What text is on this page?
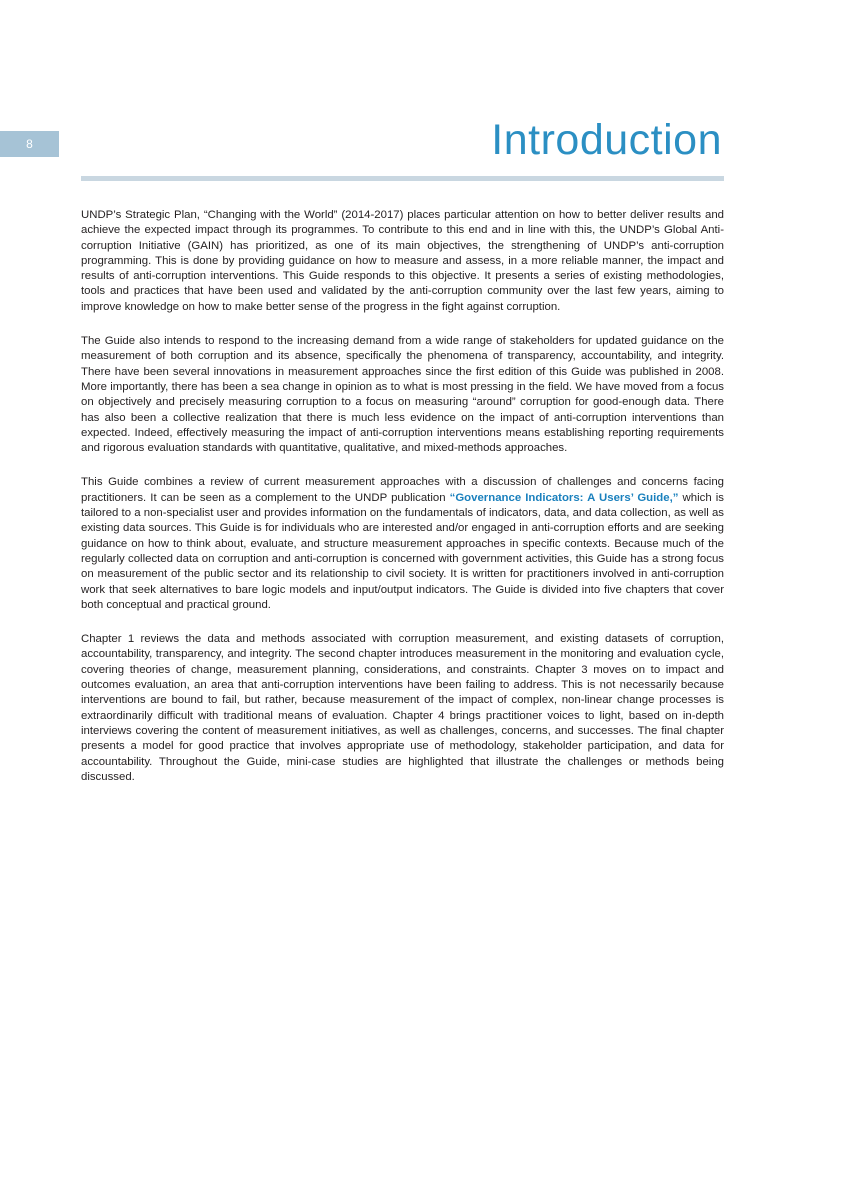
8	Introduction

UNDP’s Strategic Plan, “Changing with the World” (2014-2017) places particular attention on how to better deliver results and achieve the expected impact through its programmes. To contribute to this end and in line with this, the UNDP’s Global Anti-corruption Initiative (GAIN) has prioritized, as one of its main objectives, the strengthening of UNDP’s anti-corruption programming. This is done by providing guidance on how to measure and assess, in a more reliable manner, the impact and results of anti-corruption interventions. This Guide responds to this objective. It presents a series of existing methodologies, tools and practices that have been used and validated by the anti-corruption community over the last few years, aiming to improve knowledge on how to make better sense of the progress in the fight against corruption.

The Guide also intends to respond to the increasing demand from a wide range of stakeholders for updated guidance on the measurement of both corruption and its absence, specifically the phenomena of transparency, accountability, and integrity. There have been several innovations in measurement approaches since the first edition of this Guide was published in 2008. More importantly, there has been a sea change in opinion as to what is most pressing in the field. We have moved from a focus on objectively and precisely measuring corruption to a focus on measuring “around” corruption for good-enough data. There has also been a collective realization that there is much less evidence on the impact of anti-corruption interventions than expected. Indeed, effectively measuring the impact of anti-corruption interventions means establishing reporting requirements and rigorous evaluation standards with quantitative, qualitative, and mixed-methods approaches.

This Guide combines a review of current measurement approaches with a discussion of challenges and concerns facing practitioners. It can be seen as a complement to the UNDP publication “Governance Indicators: A Users’ Guide,” which is tailored to a non-specialist user and provides information on the fundamentals of indicators, data, and data collection, as well as existing data sources. This Guide is for individuals who are interested and/or engaged in anti-corruption efforts and are seeking guidance on how to think about, evaluate, and structure measurement approaches in specific contexts. Because much of the regularly collected data on corruption and anti-corruption is concerned with government activities, this Guide has a strong focus on measurement of the public sector and its relationship to civil society. It is written for practitioners involved in anti-corruption work that seek alternatives to bare logic models and input/output indicators. The Guide is divided into five chapters that cover both conceptual and practical ground.

Chapter 1 reviews the data and methods associated with corruption measurement, and existing datasets of corruption, accountability, transparency, and integrity. The second chapter introduces measurement in the monitoring and evaluation cycle, covering theories of change, measurement planning, considerations, and constraints. Chapter 3 moves on to impact and outcomes evaluation, an area that anti-corruption interventions have been failing to address. This is not necessarily because interventions are bound to fail, but rather, because measurement of the impact of complex, non-linear change processes is extraordinarily difficult with traditional means of evaluation. Chapter 4 brings practitioner voices to light, based on in-depth interviews covering the content of measurement initiatives, as well as challenges, concerns, and successes. The final chapter presents a model for good practice that involves appropriate use of methodology, stakeholder participation, and data for accountability. Throughout the Guide, mini-case studies are highlighted that illustrate the challenges or methods being discussed.
